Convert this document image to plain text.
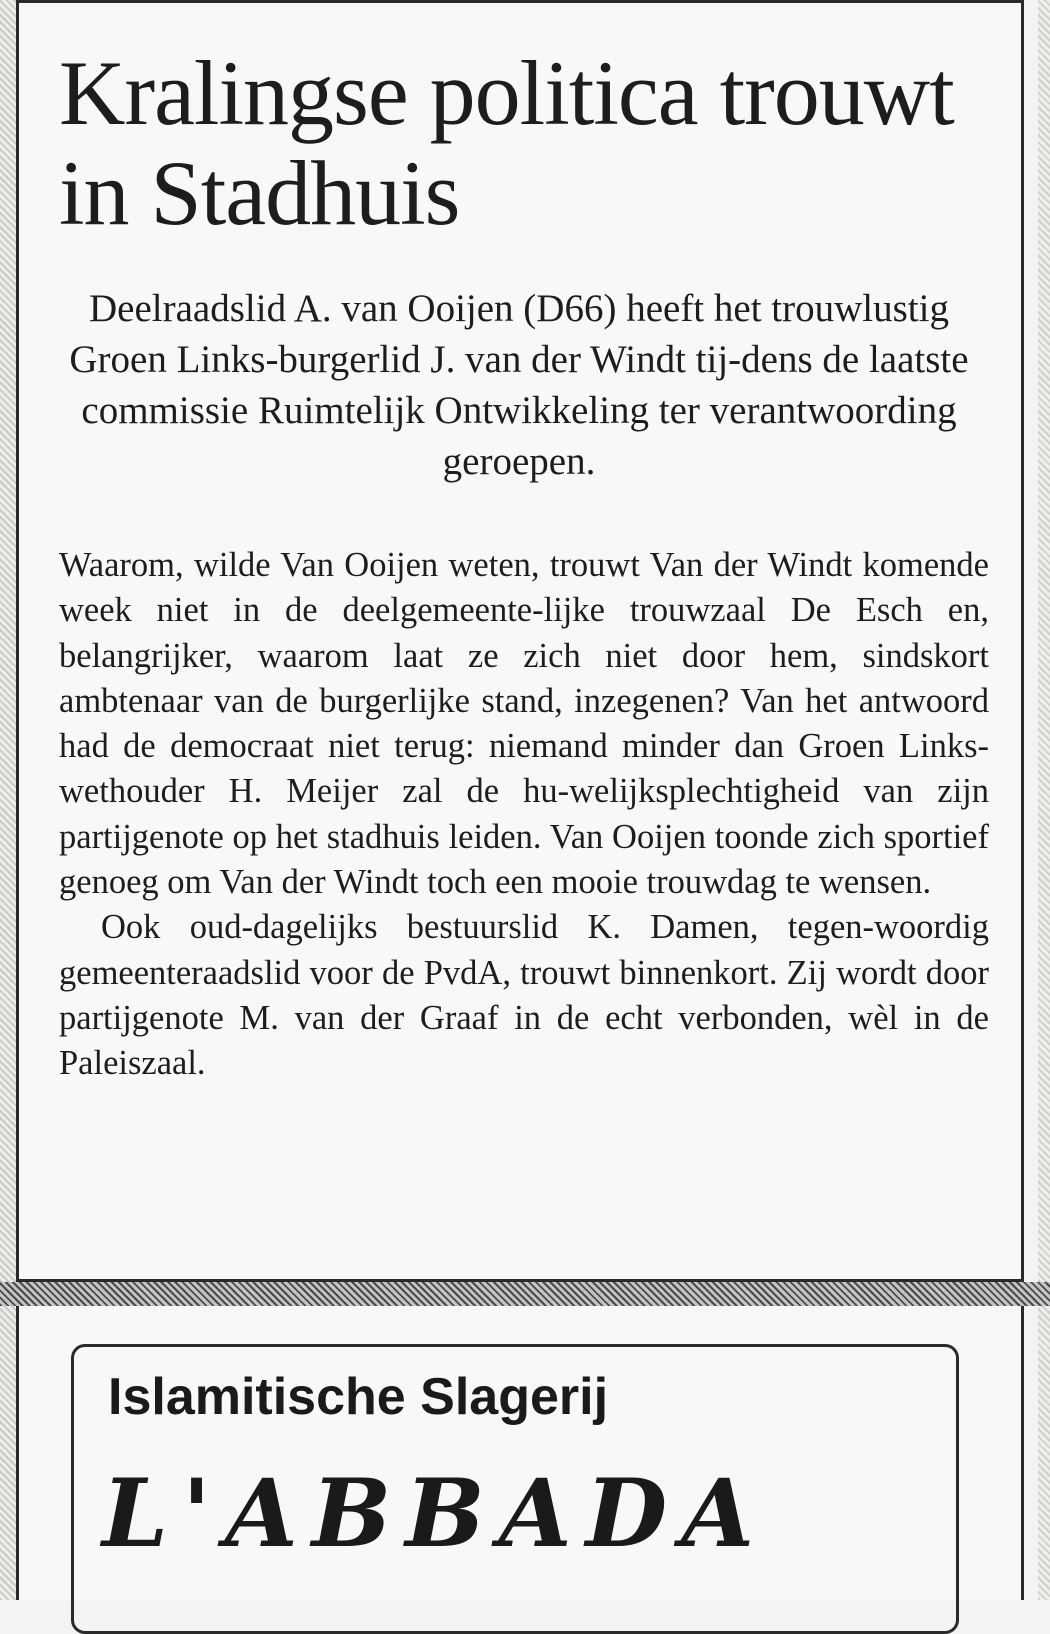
Kralingse politica trouwt in Stadhuis

Deelraadslid A. van Ooijen (D66) heeft het trouwlustig Groen Links-burgerlid J. van der Windt tij-dens de laatste commissie Ruimtelijk Ontwikkeling ter verantwoording geroepen.

Waarom, wilde Van Ooijen weten, trouwt Van der Windt komende week niet in de deelgemeente-lijke trouwzaal De Esch en, belangrijker, waarom laat ze zich niet door hem, sindskort ambtenaar van de burgerlijke stand, inzegenen? Van het antwoord had de democraat niet terug: niemand minder dan Groen Links-wethouder H. Meijer zal de hu-welijksplechtigheid van zijn partijgenote op het stadhuis leiden. Van Ooijen toonde zich sportief genoeg om Van der Windt toch een mooie trouwdag te wensen.

Ook oud-dagelijks bestuurslid K. Damen, tegen-woordig gemeenteraadslid voor de PvdA, trouwt binnenkort. Zij wordt door partijgenote M. van der Graaf in de echt verbonden, wèl in de Paleiszaal.

Islamitische Slagerij
L'ABBADA
